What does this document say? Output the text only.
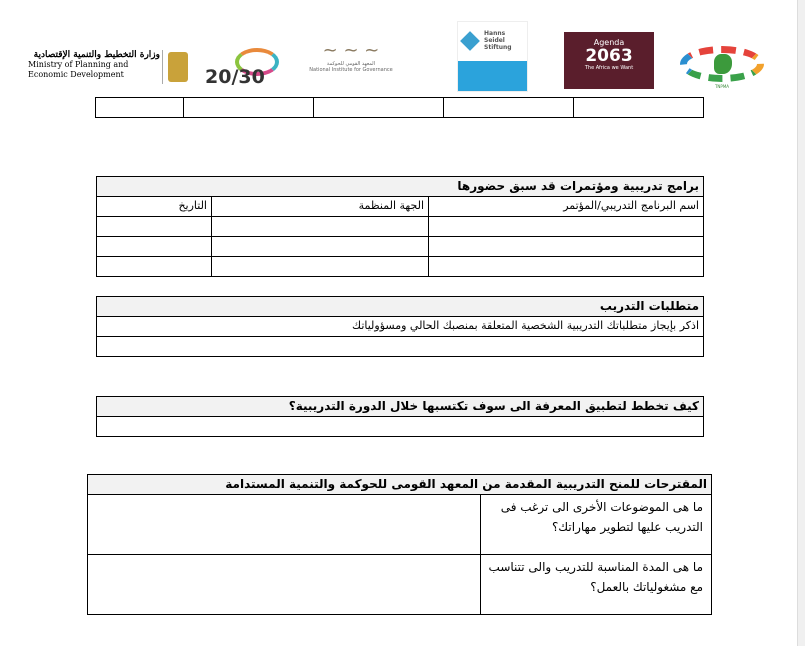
وزارة التخطيط والتنمية الإقتصادية
Ministry of Planning and Economic Development	20/30
~ ~ ~
المعهد القومي للحوكمة
National Institute for Governance
Hanns
Seidel
Stiftung
Agenda
2063
The Africa we Want
TNPMA

برامج تدريبية ومؤتمرات قد سبق حضورها		
اسم البرنامج التدريبي/المؤتمر	الجهة المنظمة	التاريخ

متطلبات التدريب
اذكر بإيجاز متطلباتك التدريبية الشخصية المتعلقة بمنصبك الحالي ومسؤولياتك

كيف تخطط لتطبيق المعرفة الى سوف تكتسبها خلال الدورة التدريبية؟

المقترحات للمنح التدريبية المقدمة من المعهد القومى للحوكمة والتنمية المستدامة	
ما هى الموضوعات الأخرى الى ترغب فى التدريب عليها لتطوير مهاراتك؟	
ما هى المدة المناسبة للتدريب والى تتناسب مع مشغولياتك بالعمل؟	
